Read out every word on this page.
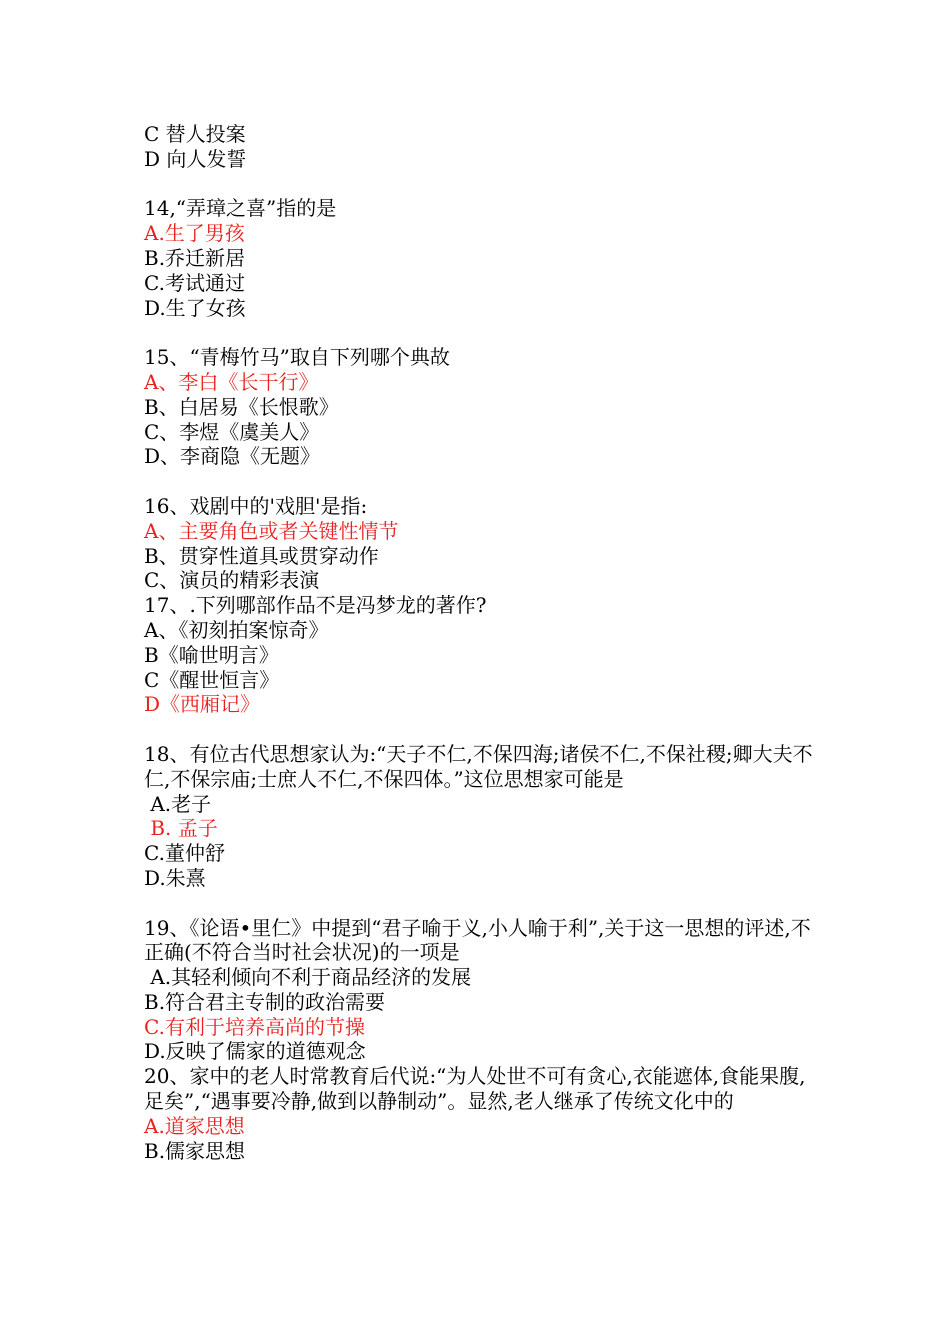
C 替人投案

D 向人发誓

14,“弄璋之喜”指的是

A.生了男孩

B.乔迁新居

C.考试通过

D.生了女孩

15、“青梅竹马”取自下列哪个典故

A、李白《长干行》

B、白居易《长恨歌》

C、李煜《虞美人》

D、李商隐《无题》

16、戏剧中的'戏胆'是指:

A、主要角色或者关键性情节

B、贯穿性道具或贯穿动作

C、演员的精彩表演

17、.下列哪部作品不是冯梦龙的著作?

A、《初刻拍案惊奇》

B《喻世明言》

C《醒世恒言》

D《西厢记》

18、有位古代思想家认为:“天子不仁,不保四海;诸侯不仁,不保社稷;卿大夫不仁,不保宗庙;士庶人不仁,不保四体。”这位思想家可能是

A.老子

B. 孟子

C.董仲舒

D.朱熹

19、《论语•里仁》中提到“君子喻于义,小人喻于利”,关于这一思想的评述,不正确(不符合当时社会状况)的一项是

A.其轻利倾向不利于商品经济的发展

B.符合君主专制的政治需要

C.有利于培养高尚的节操

D.反映了儒家的道德观念

20、家中的老人时常教育后代说:“为人处世不可有贪心,衣能遮体,食能果腹,足矣”,“遇事要冷静,做到以静制动”。显然,老人继承了传统文化中的

A.道家思想

B.儒家思想
